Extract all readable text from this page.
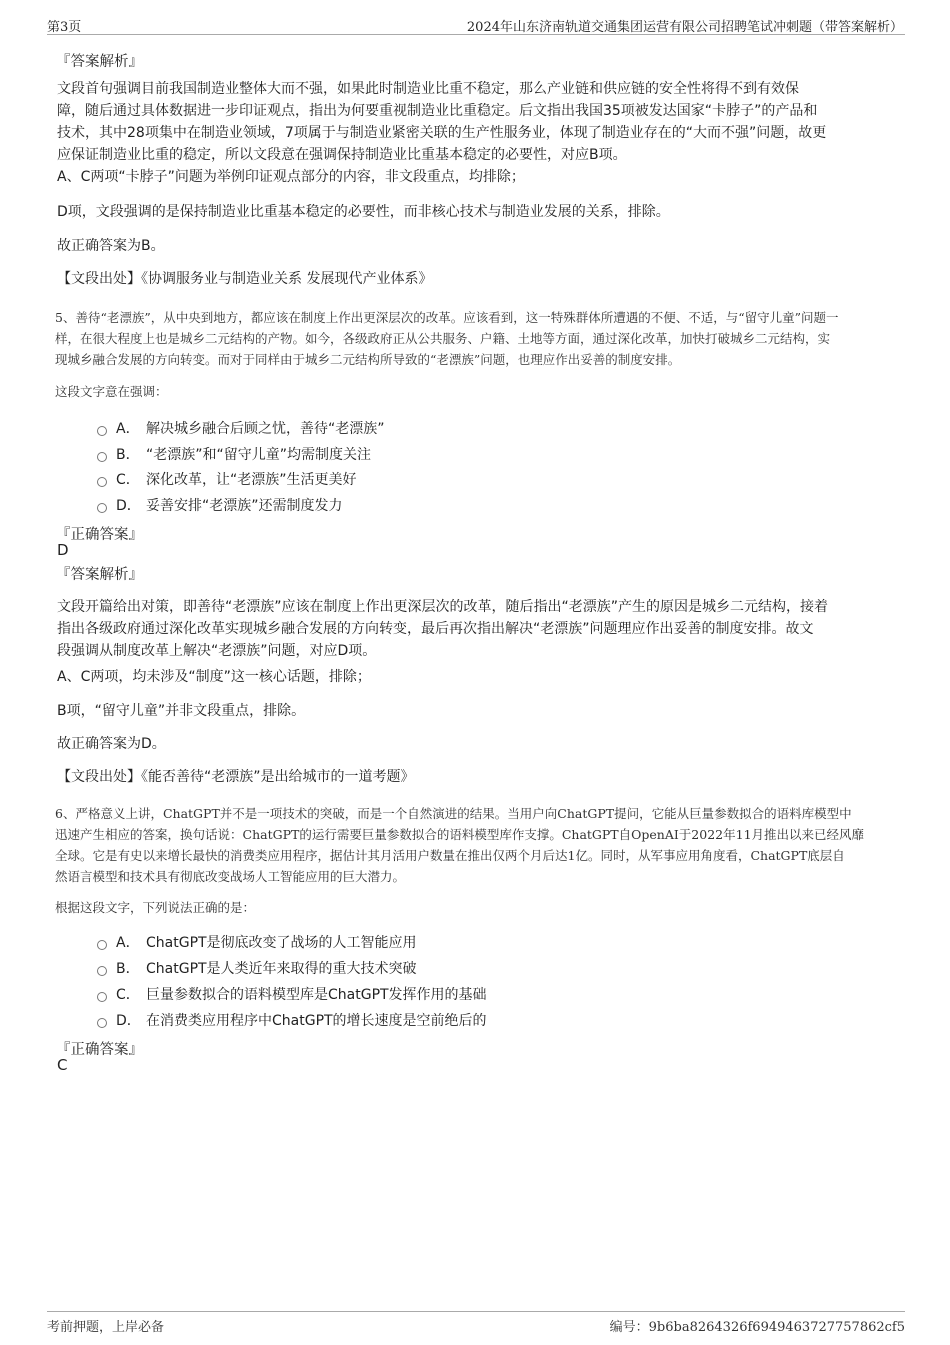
第3页	2024年山东济南轨道交通集团运营有限公司招聘笔试冲刺题（带答案解析）
『答案解析』
文段首句强调目前我国制造业整体大而不强，如果此时制造业比重不稳定，那么产业链和供应链的安全性将得不到有效保
障，随后通过具体数据进一步印证观点，指出为何要重视制造业比重稳定。后文指出我国35项被发达国家“卡脖子”的产品和
技术，其中28项集中在制造业领域，7项属于与制造业紧密关联的生产性服务业，体现了制造业存在的“大而不强”问题，故更
应保证制造业比重的稳定，所以文段意在强调保持制造业比重基本稳定的必要性，对应B项。
A、C两项“卡脖子”问题为举例印证观点部分的内容，非文段重点，均排除；
D项，文段强调的是保持制造业比重基本稳定的必要性，而非核心技术与制造业发展的关系，排除。
故正确答案为B。
【文段出处】《协调服务业与制造业关系 发展现代产业体系》
5、善待“老漂族”，从中央到地方，都应该在制度上作出更深层次的改革。应该看到，这一特殊群体所遭遇的不便、不适，与“留守儿童”问题一
样，在很大程度上也是城乡二元结构的产物。如今，各级政府正从公共服务、户籍、土地等方面，通过深化改革，加快打破城乡二元结构，实
现城乡融合发展的方向转变。而对于同样由于城乡二元结构所导致的“老漂族”问题，也理应作出妥善的制度安排。
这段文字意在强调：
A． 解决城乡融合后顾之忧，善待“老漂族”
B． “老漂族”和“留守儿童”均需制度关注
C． 深化改革，让“老漂族”生活更美好
D． 妥善安排“老漂族”还需制度发力
『正确答案』
D
『答案解析』
文段开篇给出对策，即善待“老漂族”应该在制度上作出更深层次的改革，随后指出“老漂族”产生的原因是城乡二元结构，接着
指出各级政府通过深化改革实现城乡融合发展的方向转变，最后再次指出解决“老漂族”问题理应作出妥善的制度安排。故文
段强调从制度改革上解决“老漂族”问题，对应D项。
A、C两项，均未涉及“制度”这一核心话题，排除；
B项，“留守儿童”并非文段重点，排除。
故正确答案为D。
【文段出处】《能否善待“老漂族”是出给城市的一道考题》
6、严格意义上讲，ChatGPT并不是一项技术的突破，而是一个自然演进的结果。当用户向ChatGPT提问，它能从巨量参数拟合的语料库模型中
迅速产生相应的答案，换句话说：ChatGPT的运行需要巨量参数拟合的语料模型库作支撑。ChatGPT自OpenAI于2022年11月推出以来已经风靡
全球。它是有史以来增长最快的消费类应用程序，据估计其月活用户数量在推出仅两个月后达1亿。同时，从军事应用角度看，ChatGPT底层自
然语言模型和技术具有彻底改变战场人工智能应用的巨大潜力。
根据这段文字，下列说法正确的是：
A． ChatGPT是彻底改变了战场的人工智能应用
B． ChatGPT是人类近年来取得的重大技术突破
C． 巨量参数拟合的语料模型库是ChatGPT发挥作用的基础
D． 在消费类应用程序中ChatGPT的增长速度是空前绝后的
『正确答案』
C
考前押题，上岸必备	编号：9b6ba8264326f6949463727757862cf5
